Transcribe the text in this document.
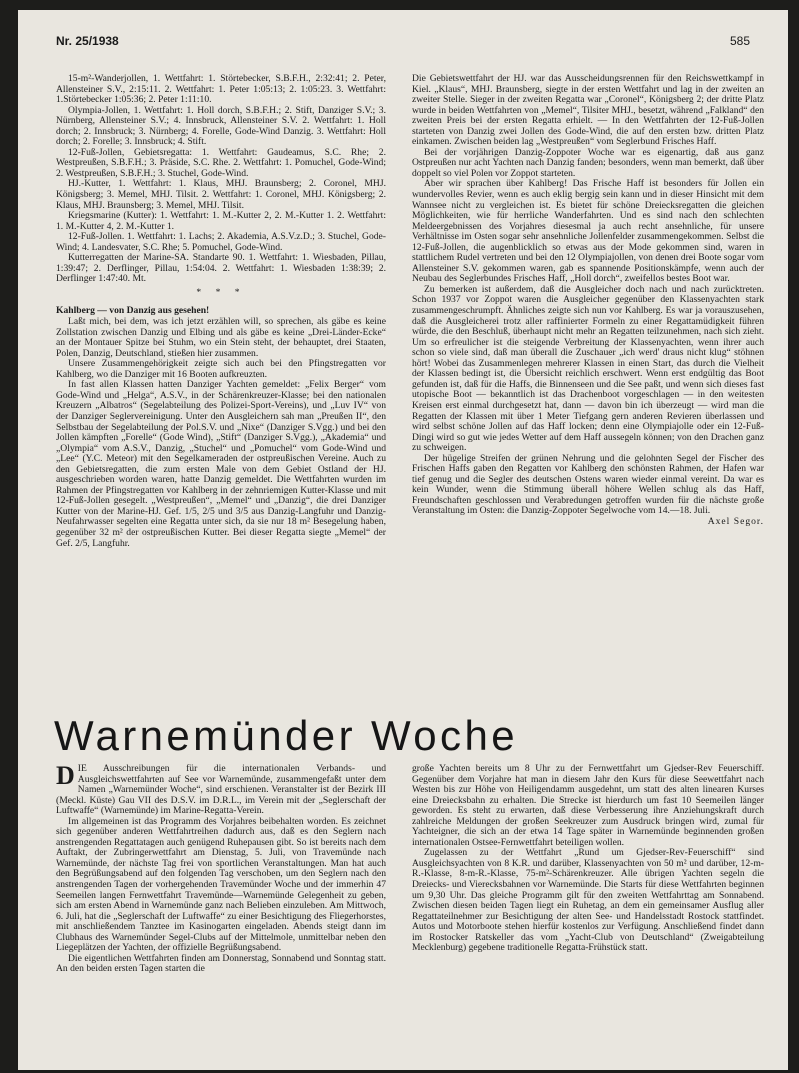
Nr. 25/1938	585

15-m²-Wanderjollen, 1. Wettfahrt: 1. Störtebecker, S.B.F.H., 2:32:41; 2. Peter, Allensteiner S.V., 2:15:11. 2. Wettfahrt: 1. Peter 1:05:13; 2. 1:05:23. 3. Wettfahrt: 1.Störtebecker 1:05:36; 2. Peter 1:11:10.

Olympia-Jollen, 1. Wettfahrt: 1. Holl dorch, S.B.F.H.; 2. Stift, Danziger S.V.; 3. Nürnberg, Allensteiner S.V.; 4. Innsbruck, Allensteiner S.V. 2. Wettfahrt: 1. Holl dorch; 2. Innsbruck; 3. Nürnberg; 4. Forelle, Gode-Wind Danzig. 3. Wettfahrt: Holl dorch; 2. Forelle; 3. Innsbruck; 4. Stift.

12-Fuß-Jollen, Gebietsregatta: 1. Wettfahrt: Gaudeamus, S.C. Rhe; 2. Westpreußen, S.B.F.H.; 3. Präside, S.C. Rhe. 2. Wettfahrt: 1. Pomuchel, Gode-Wind; 2. Westpreußen, S.B.F.H.; 3. Stuchel, Gode-Wind.

HJ.-Kutter, 1. Wettfahrt: 1. Klaus, MHJ. Braunsberg; 2. Coronel, MHJ. Königsberg; 3. Memel, MHJ. Tilsit. 2. Wettfahrt: 1. Coronel, MHJ. Königsberg; 2. Klaus, MHJ. Braunsberg; 3. Memel, MHJ. Tilsit.

Kriegsmarine (Kutter): 1. Wettfahrt: 1. M.-Kutter 2, 2. M.-Kutter 1. 2. Wettfahrt: 1. M.-Kutter 4, 2. M.-Kutter 1.

12-Fuß-Jollen. 1. Wettfahrt: 1. Lachs; 2. Akademia, A.S.V.z.D.; 3. Stuchel, Gode-Wind; 4. Landesvater, S.C. Rhe; 5. Pomuchel, Gode-Wind.

Kutterregatten der Marine-SA. Standarte 90. 1. Wettfahrt: 1. Wiesbaden, Pillau, 1:39:47; 2. Derflinger, Pillau, 1:54:04. 2. Wettfahrt: 1. Wiesbaden 1:38:39; 2. Derflinger 1:47:40. Mt.

* * *

Kahlberg — von Danzig aus gesehen!

Laßt mich, bei dem, was ich jetzt erzählen will, so sprechen, als gäbe es keine Zollstation zwischen Danzig und Elbing und als gäbe es keine „Drei-Länder-Ecke“ an der Montauer Spitze bei Stuhm, wo ein Stein steht, der behauptet, drei Staaten, Polen, Danzig, Deutschland, stießen hier zusammen.

Unsere Zusammengehörigkeit zeigte sich auch bei den Pfingstregatten vor Kahlberg, wo die Danziger mit 16 Booten aufkreuzten.

In fast allen Klassen hatten Danziger Yachten gemeldet: „Felix Berger“ vom Gode-Wind und „Helga“, A.S.V., in der Schärenkreuzer-Klasse; bei den nationalen Kreuzern „Albatros“ (Segelabteilung des Polizei-Sport-Vereins), und „Luv IV“ von der Danziger Seglervereinigung. Unter den Ausgleichern sah man „Preußen II“, den Selbstbau der Segelabteilung der Pol.S.V. und „Nixe“ (Danziger S.Vgg.) und bei den Jollen kämpften „Forelle“ (Gode Wind), „Stift“ (Danziger S.Vgg.), „Akademia“ und „Olympia“ vom A.S.V., Danzig, „Stuchel“ und „Pomuchel“ vom Gode-Wind und „Lee“ (Y.C. Meteor) mit den Segelkameraden der ostpreußischen Vereine. Auch zu den Gebietsregatten, die zum ersten Male von dem Gebiet Ostland der HJ. ausgeschrieben worden waren, hatte Danzig gemeldet. Die Wettfahrten wurden im Rahmen der Pfingstregatten vor Kahlberg in der zehnriemigen Kutter-Klasse und mit 12-Fuß-Jollen gesegelt. „Westpreußen“, „Memel“ und „Danzig“, die drei Danziger Kutter von der Marine-HJ. Gef. 1/5, 2/5 und 3/5 aus Danzig-Langfuhr und Danzig-Neufahrwasser segelten eine Regatta unter sich, da sie nur 18 m² Besegelung haben, gegenüber 32 m² der ostpreußischen Kutter. Bei dieser Regatta siegte „Memel“ der Gef. 2/5, Langfuhr.

Die Gebietswettfahrt der HJ. war das Ausscheidungsrennen für den Reichswettkampf in Kiel. „Klaus“, MHJ. Braunsberg, siegte in der ersten Wettfahrt und lag in der zweiten an zweiter Stelle. Sieger in der zweiten Regatta war „Coronel“, Königsberg 2; der dritte Platz wurde in beiden Wettfahrten von „Memel“, Tilsiter MHJ., besetzt, während „Falkland“ den zweiten Preis bei der ersten Regatta erhielt. — In den Wettfahrten der 12-Fuß-Jollen starteten von Danzig zwei Jollen des Gode-Wind, die auf den ersten bzw. dritten Platz einkamen. Zwischen beiden lag „Westpreußen“ vom Seglerbund Frisches Haff.

Bei der vorjährigen Danzig-Zoppoter Woche war es eigenartig, daß aus ganz Ostpreußen nur acht Yachten nach Danzig fanden; besonders, wenn man bemerkt, daß über doppelt so viel Polen vor Zoppot starteten.

Aber wir sprachen über Kahlberg! Das Frische Haff ist besonders für Jollen ein wundervolles Revier, wenn es auch eklig bergig sein kann und in dieser Hinsicht mit dem Wannsee nicht zu vergleichen ist. Es bietet für schöne Dreiecksregatten die gleichen Möglichkeiten, wie für herrliche Wanderfahrten. Und es sind nach den schlechten Meldeergebnissen des Vorjahres diesesmal ja auch recht ansehnliche, für unsere Verhältnisse im Osten sogar sehr ansehnliche Jollenfelder zusammengekommen. Selbst die 12-Fuß-Jollen, die augenblicklich so etwas aus der Mode gekommen sind, waren in stattlichem Rudel vertreten und bei den 12 Olympiajollen, von denen drei Boote sogar vom Allensteiner S.V. gekommen waren, gab es spannende Positionskämpfe, wenn auch der Neubau des Seglerbundes Frisches Haff, „Holl dorch“, zweifellos bestes Boot war.

Zu bemerken ist außerdem, daß die Ausgleicher doch nach und nach zurücktreten. Schon 1937 vor Zoppot waren die Ausgleicher gegenüber den Klassenyachten stark zusammengeschrumpft. Ähnliches zeigte sich nun vor Kahlberg. Es war ja vorauszusehen, daß die Ausgleicherei trotz aller raffinierter Formeln zu einer Regattamüdigkeit führen würde, die den Beschluß, überhaupt nicht mehr an Regatten teilzunehmen, nach sich zieht. Um so erfreulicher ist die steigende Verbreitung der Klassenyachten, wenn ihrer auch schon so viele sind, daß man überall die Zuschauer „ich werd' draus nicht klug“ stöhnen hört! Wobei das Zusammenlegen mehrerer Klassen in einen Start, das durch die Vielheit der Klassen bedingt ist, die Übersicht reichlich erschwert. Wenn erst endgültig das Boot gefunden ist, daß für die Haffs, die Binnenseen und die See paßt, und wenn sich dieses fast utopische Boot — bekanntlich ist das Drachenboot vorgeschlagen — in den weitesten Kreisen erst einmal durchgesetzt hat, dann — davon bin ich überzeugt — wird man die Regatten der Klassen mit über 1 Meter Tiefgang gern anderen Revieren überlassen und wird selbst schöne Jollen auf das Haff locken; denn eine Olympiajolle oder ein 12-Fuß-Dingi wird so gut wie jedes Wetter auf dem Haff aussegeln können; von den Drachen ganz zu schweigen.

Der hügelige Streifen der grünen Nehrung und die gelohnten Segel der Fischer des Frischen Haffs gaben den Regatten vor Kahlberg den schönsten Rahmen, der Hafen war tief genug und die Segler des deutschen Ostens waren wieder einmal vereint. Da war es kein Wunder, wenn die Stimmung überall höhere Wellen schlug als das Haff, Freundschaften geschlossen und Verabredungen getroffen wurden für die nächste große Veranstaltung im Osten: die Danzig-Zoppoter Segelwoche vom 14.—18. Juli.

Axel Segor.

Warnemünder Woche

DIE Ausschreibungen für die internationalen Verbands- und Ausgleichswettfahrten auf See vor Warnemünde, zusammengefaßt unter dem Namen „Warnemünder Woche“, sind erschienen. Veranstalter ist der Bezirk III (Meckl. Küste) Gau VII des D.S.V. im D.R.L., im Verein mit der „Seglerschaft der Luftwaffe“ (Warnemünde) im Marine-Regatta-Verein.

Im allgemeinen ist das Programm des Vorjahres beibehalten worden. Es zeichnet sich gegenüber anderen Wettfahrtreihen dadurch aus, daß es den Seglern nach anstrengenden Regattatagen auch genügend Ruhepausen gibt. So ist bereits nach dem Auftakt, der Zubringerwettfahrt am Dienstag, 5. Juli, von Travemünde nach Warnemünde, der nächste Tag frei von sportlichen Veranstaltungen. Man hat auch den Begrüßungsabend auf den folgenden Tag verschoben, um den Seglern nach den anstrengenden Tagen der vorhergehenden Travemünder Woche und der immerhin 47 Seemeilen langen Fernwettfahrt Travemünde—Warnemünde Gelegenheit zu geben, sich am ersten Abend in Warnemünde ganz nach Belieben einzuleben. Am Mittwoch, 6. Juli, hat die „Seglerschaft der Luftwaffe“ zu einer Besichtigung des Fliegerhorstes, mit anschließendem Tanztee im Kasinogarten eingeladen. Abends steigt dann im Clubhaus des Warnemünder Segel-Clubs auf der Mittelmole, unmittelbar neben den Liegeplätzen der Yachten, der offizielle Begrüßungsabend.

Die eigentlichen Wettfahrten finden am Donnerstag, Sonnabend und Sonntag statt. An den beiden ersten Tagen starten die

große Yachten bereits um 8 Uhr zu der Fernwettfahrt um Gjedser-Rev Feuerschiff. Gegenüber dem Vorjahre hat man in diesem Jahr den Kurs für diese Seewettfahrt nach Westen bis zur Höhe von Heiligendamm ausgedehnt, um statt des alten linearen Kurses eine Dreiecksbahn zu erhalten. Die Strecke ist hierdurch um fast 10 Seemeilen länger geworden. Es steht zu erwarten, daß diese Verbesserung ihre Anziehungskraft durch zahlreiche Meldungen der großen Seekreuzer zum Ausdruck bringen wird, zumal für Yachteigner, die sich an der etwa 14 Tage später in Warnemünde beginnenden großen internationalen Ostsee-Fernwettfahrt beteiligen wollen.

Zugelassen zu der Wettfahrt „Rund um Gjedser-Rev-Feuerschiff“ sind Ausgleichsyachten von 8 K.R. und darüber, Klassenyachten von 50 m² und darüber, 12-m-R.-Klasse, 8-m-R.-Klasse, 75-m²-Schärenkreuzer. Alle übrigen Yachten segeln die Dreiecks- und Vierecksbahnen vor Warnemünde. Die Starts für diese Wettfahrten beginnen um 9,30 Uhr. Das gleiche Programm gilt für den zweiten Wettfahrttag am Sonnabend. Zwischen diesen beiden Tagen liegt ein Ruhetag, an dem ein gemeinsamer Ausflug aller Regattateilnehmer zur Besichtigung der alten See- und Handelsstadt Rostock stattfindet. Autos und Motorboote stehen hierfür kostenlos zur Verfügung. Anschließend findet dann im Rostocker Ratskeller das vom „Yacht-Club von Deutschland“ (Zweigabteilung Mecklenburg) gegebene traditionelle Regatta-Frühstück statt.
